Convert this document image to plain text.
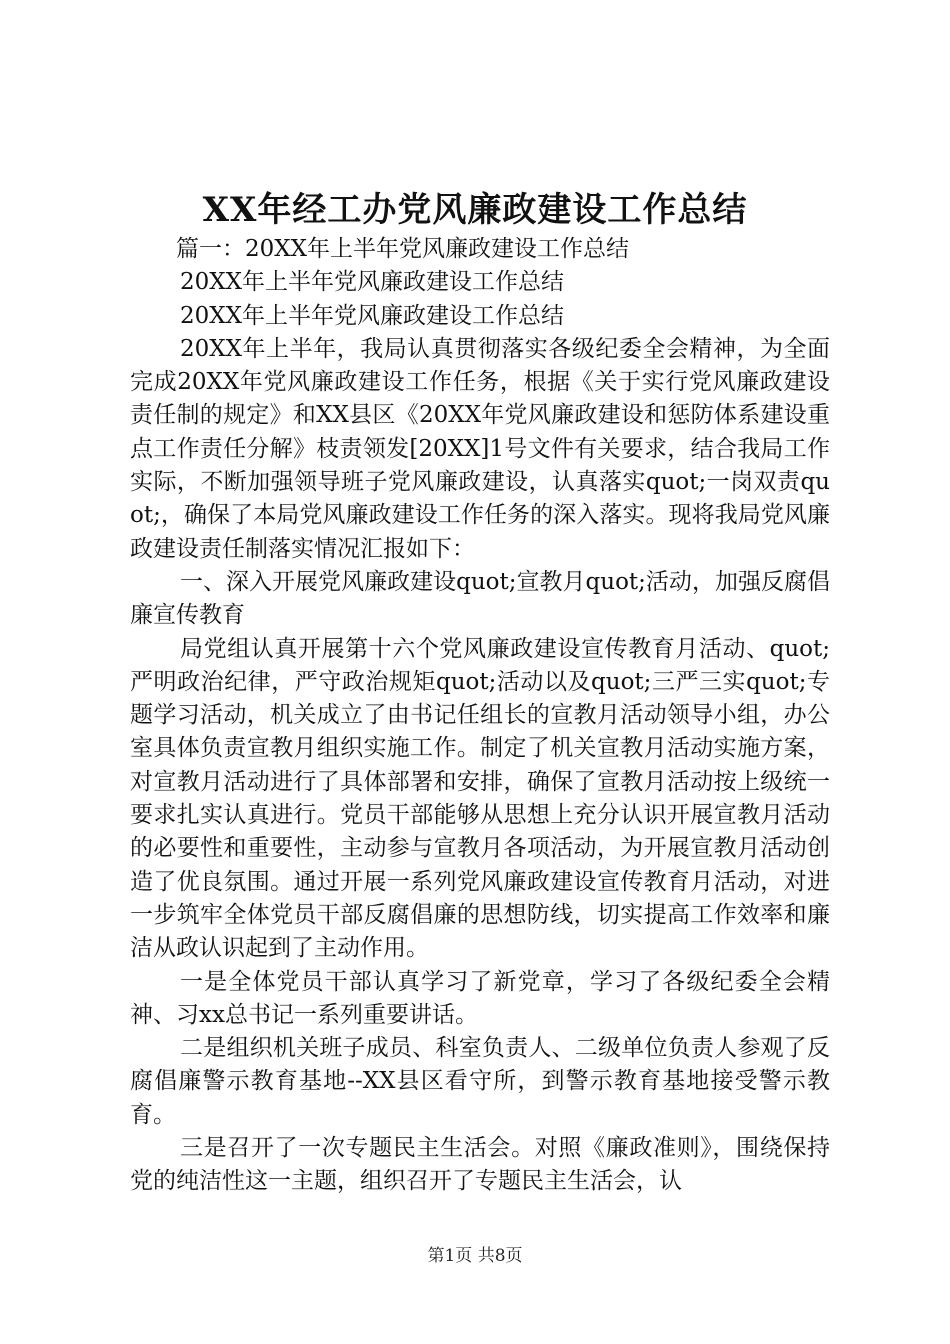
XX年经工办党风廉政建设工作总结

篇一：20XX年上半年党风廉政建设工作总结

20XX年上半年党风廉政建设工作总结

20XX年上半年党风廉政建设工作总结

20XX年上半年，我局认真贯彻落实各级纪委全会精神，为全面完成20XX年党风廉政建设工作任务，根据《关于实行党风廉政建设责任制的规定》和XX县区《20XX年党风廉政建设和惩防体系建设重点工作责任分解》枝责领发[20XX]1号文件有关要求，结合我局工作实际，不断加强领导班子党风廉政建设，认真落实quot;一岗双责quot;，确保了本局党风廉政建设工作任务的深入落实。现将我局党风廉政建设责任制落实情况汇报如下：

一、深入开展党风廉政建设quot;宣教月quot;活动，加强反腐倡廉宣传教育

局党组认真开展第十六个党风廉政建设宣传教育月活动、quot;严明政治纪律，严守政治规矩quot;活动以及quot;三严三实quot;专题学习活动，机关成立了由书记任组长的宣教月活动领导小组，办公室具体负责宣教月组织实施工作。制定了机关宣教月活动实施方案，对宣教月活动进行了具体部署和安排，确保了宣教月活动按上级统一要求扎实认真进行。党员干部能够从思想上充分认识开展宣教月活动的必要性和重要性，主动参与宣教月各项活动，为开展宣教月活动创造了优良氛围。通过开展一系列党风廉政建设宣传教育月活动，对进一步筑牢全体党员干部反腐倡廉的思想防线，切实提高工作效率和廉洁从政认识起到了主动作用。

一是全体党员干部认真学习了新党章，学习了各级纪委全会精神、习xx总书记一系列重要讲话。

二是组织机关班子成员、科室负责人、二级单位负责人参观了反腐倡廉警示教育基地--XX县区看守所，到警示教育基地接受警示教育。

三是召开了一次专题民主生活会。对照《廉政准则》，围绕保持党的纯洁性这一主题，组织召开了专题民主生活会，认

第1页 共8页
